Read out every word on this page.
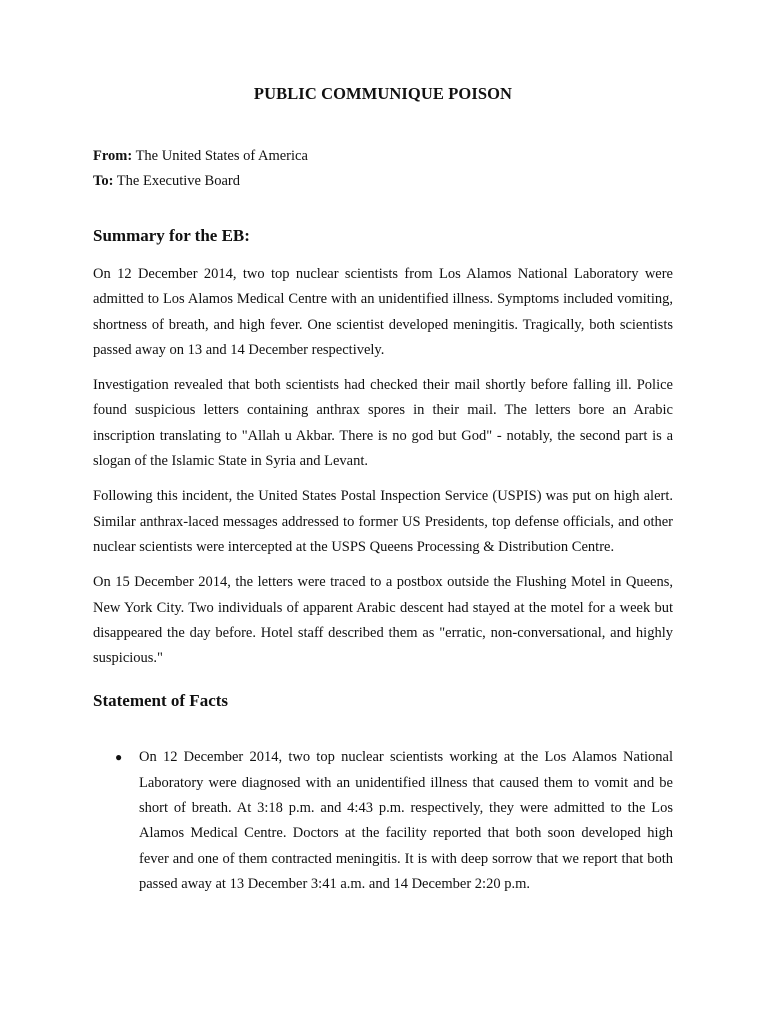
PUBLIC COMMUNIQUE POISON

From: The United States of America

To: The Executive Board

Summary for the EB:

On 12 December 2014, two top nuclear scientists from Los Alamos National Laboratory were admitted to Los Alamos Medical Centre with an unidentified illness. Symptoms included vomiting, shortness of breath, and high fever. One scientist developed meningitis. Tragically, both scientists passed away on 13 and 14 December respectively.

Investigation revealed that both scientists had checked their mail shortly before falling ill. Police found suspicious letters containing anthrax spores in their mail. The letters bore an Arabic inscription translating to "Allah u Akbar. There is no god but God" - notably, the second part is a slogan of the Islamic State in Syria and Levant.

Following this incident, the United States Postal Inspection Service (USPIS) was put on high alert. Similar anthrax-laced messages addressed to former US Presidents, top defense officials, and other nuclear scientists were intercepted at the USPS Queens Processing & Distribution Centre.

On 15 December 2014, the letters were traced to a postbox outside the Flushing Motel in Queens, New York City. Two individuals of apparent Arabic descent had stayed at the motel for a week but disappeared the day before. Hotel staff described them as "erratic, non-conversational, and highly suspicious."

Statement of Facts
● On 12 December 2014, two top nuclear scientists working at the Los Alamos National Laboratory were diagnosed with an unidentified illness that caused them to vomit and be short of breath. At 3:18 p.m. and 4:43 p.m. respectively, they were admitted to the Los Alamos Medical Centre. Doctors at the facility reported that both soon developed high fever and one of them contracted meningitis. It is with deep sorrow that we report that both passed away at 13 December 3:41 a.m. and 14 December 2:20 p.m.
